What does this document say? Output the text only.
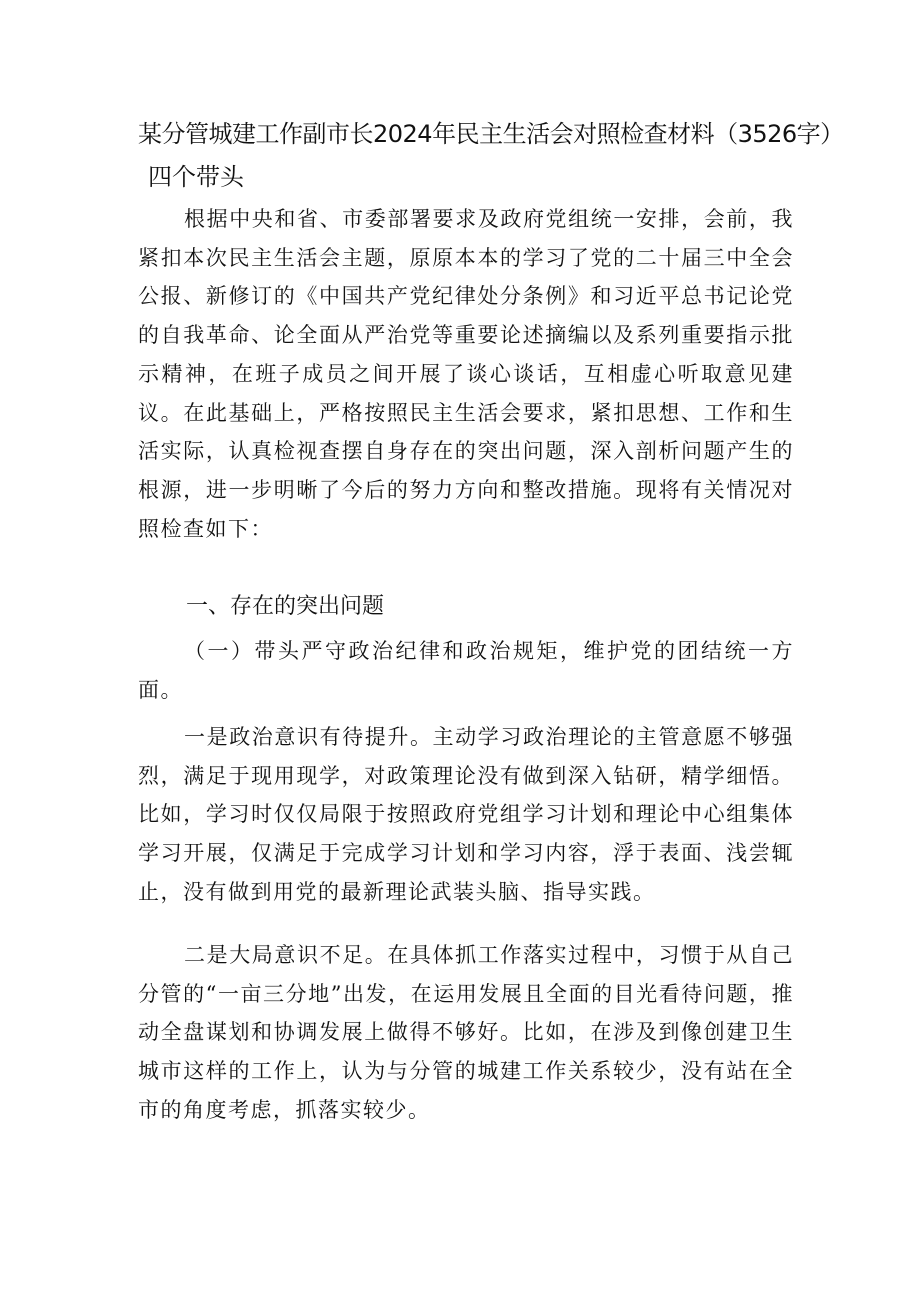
某分管城建工作副市长2024年民主生活会对照检查材料（3526字）
四个带头

根据中央和省、市委部署要求及政府党组统一安排，会前，我紧扣本次民主生活会主题，原原本本的学习了党的二十届三中全会公报、新修订的《中国共产党纪律处分条例》和习近平总书记论党的自我革命、论全面从严治党等重要论述摘编以及系列重要指示批示精神，在班子成员之间开展了谈心谈话，互相虚心听取意见建议。在此基础上，严格按照民主生活会要求，紧扣思想、工作和生活实际，认真检视查摆自身存在的突出问题，深入剖析问题产生的根源，进一步明晰了今后的努力方向和整改措施。现将有关情况对照检查如下：

一、存在的突出问题

（一）带头严守政治纪律和政治规矩，维护党的团结统一方面。

一是政治意识有待提升。主动学习政治理论的主管意愿不够强烈，满足于现用现学，对政策理论没有做到深入钻研，精学细悟。比如，学习时仅仅局限于按照政府党组学习计划和理论中心组集体学习开展，仅满足于完成学习计划和学习内容，浮于表面、浅尝辄止，没有做到用党的最新理论武装头脑、指导实践。

二是大局意识不足。在具体抓工作落实过程中，习惯于从自己分管的“一亩三分地”出发，在运用发展且全面的目光看待问题，推动全盘谋划和协调发展上做得不够好。比如，在涉及到像创建卫生城市这样的工作上，认为与分管的城建工作关系较少，没有站在全市的角度考虑，抓落实较少。
